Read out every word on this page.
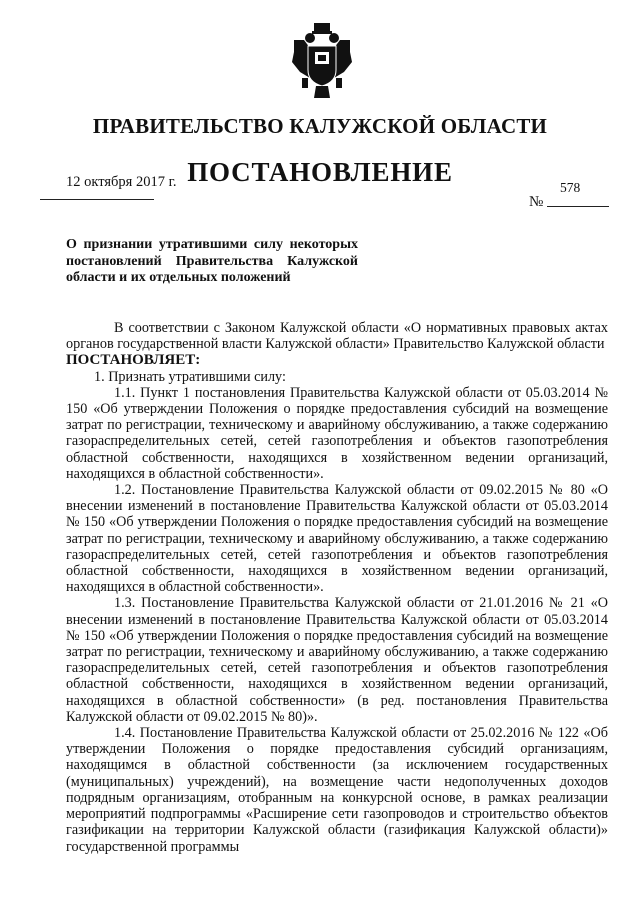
ПРАВИТЕЛЬСТВО КАЛУЖСКОЙ ОБЛАСТИ
ПОСТАНОВЛЕНИЕ
12 октября 2017 г.	578
№
О признании утратившими силу некоторых постановлений Правительства Калужской области и их отдельных положений

В соответствии с Законом Калужской области «О нормативных правовых актах органов государственной власти Калужской области» Правительство Калужской области

ПОСТАНОВЛЯЕТ:

1. Признать утратившими силу:

1.1. Пункт 1 постановления Правительства Калужской области от 05.03.2014 № 150 «Об утверждении Положения о порядке предоставления субсидий на возмещение затрат по регистрации, техническому и аварийному обслуживанию, а также содержанию газораспределительных сетей, сетей газопотребления и объектов газопотребления областной собственности, находящихся в хозяйственном ведении организаций, находящихся в областной собственности».

1.2. Постановление Правительства Калужской области от 09.02.2015 № 80 «О внесении изменений в постановление Правительства Калужской области от 05.03.2014 № 150 «Об утверждении Положения о порядке предоставления субсидий на возмещение затрат по регистрации, техническому и аварийному обслуживанию, а также содержанию газораспределительных сетей, сетей газопотребления и объектов газопотребления областной собственности, находящихся в хозяйственном ведении организаций, находящихся в областной собственности».

1.3. Постановление Правительства Калужской области от 21.01.2016 № 21 «О внесении изменений в постановление Правительства Калужской области от 05.03.2014 № 150 «Об утверждении Положения о порядке предоставления субсидий на возмещение затрат по регистрации, техническому и аварийному обслуживанию, а также содержанию газораспределительных сетей, сетей газопотребления и объектов газопотребления областной собственности, находящихся в хозяйственном ведении организаций, находящихся в областной собственности» (в ред. постановления Правительства Калужской области от 09.02.2015 № 80)».

1.4. Постановление Правительства Калужской области от 25.02.2016 № 122 «Об утверждении Положения о порядке предоставления субсидий организациям, находящимся в областной собственности (за исключением государственных (муниципальных) учреждений), на возмещение части недополученных доходов подрядным организациям, отобранным на конкурсной основе, в рамках реализации мероприятий подпрограммы «Расширение сети газопроводов и строительство объектов газификации на территории Калужской области (газификация Калужской области)» государственной программы
